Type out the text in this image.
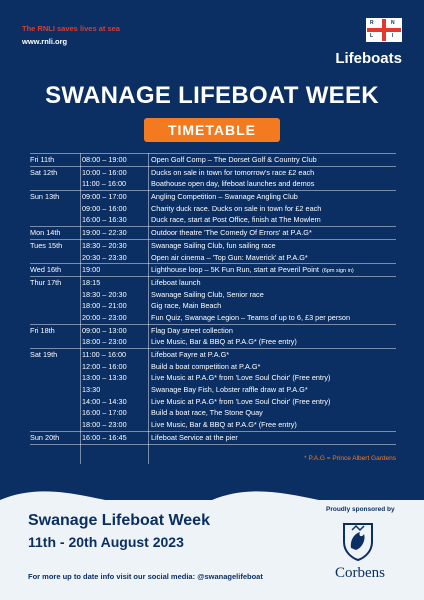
The RNLI saves lives at sea
www.rnli.org
R	N
L	I
Lifeboats
SWANAGE LIFEBOAT WEEK
TIMETABLE
Fri 11th	08:00 – 19:00	Open Golf Comp – The Dorset Golf & Country Club
Sat 12th	10:00 – 16:00	Ducks on sale in town for tomorrow's race £2 each
11:00 – 16:00	Boathouse open day, lifeboat launches and demos
Sun 13th	09:00 – 17:00	Angling Competition – Swanage Angling Club
09:00 – 16:00	Charity duck race. Ducks on sale in town for £2 each
16:00 – 16:30	Duck race, start at Post Office, finish at The Mowlem
Mon 14th	19:00 – 22:30	Outdoor theatre 'The Comedy Of Errors' at P.A.G*
Tues 15th	18:30 – 20:30	Swanage Sailing Club, fun sailing race
20:30 – 23:30	Open air cinema – 'Top Gun: Maverick' at P.A.G*
Wed 16th	19:00	Lighthouse loop – 5K Fun Run, start at Peveril Point (6pm sign in)
Thur 17th	18:15	Lifeboat launch
18:30 – 20:30	Swanage Sailing Club, Senior race
18:00 – 21:00	Gig race, Main Beach
20:00 – 23:00	Fun Quiz, Swanage Legion – Teams of up to 6, £3 per person
Fri 18th	09:00 – 13:00	Flag Day street collection
18:00 – 23:00	Live Music, Bar & BBQ at P.A.G* (Free entry)
Sat 19th	11:00 – 16:00	Lifeboat Fayre at P.A.G*
12:00 – 16:00	Build a boat competition at P.A.G*
13:00 – 13:30	Live Music at P.A.G* from 'Love Soul Choir' (Free entry)
13:30	Swanage Bay Fish, Lobster raffle draw at P.A.G*
14:00 – 14:30	Live Music at P.A.G* from 'Love Soul Choir' (Free entry)
16:00 – 17:00	Build a boat race, The Stone Quay
18:00 – 23:00	Live Music, Bar & BBQ at P.A.G* (Free entry)
Sun 20th	16:00 – 16:45	Lifeboat Service at the pier
* P.A.G = Prince Albert Gardens
Swanage Lifeboat Week
11th - 20th August 2023
For more up to date info visit our social media: @swanagelifeboat
Proudly sponsored by
Corbens
